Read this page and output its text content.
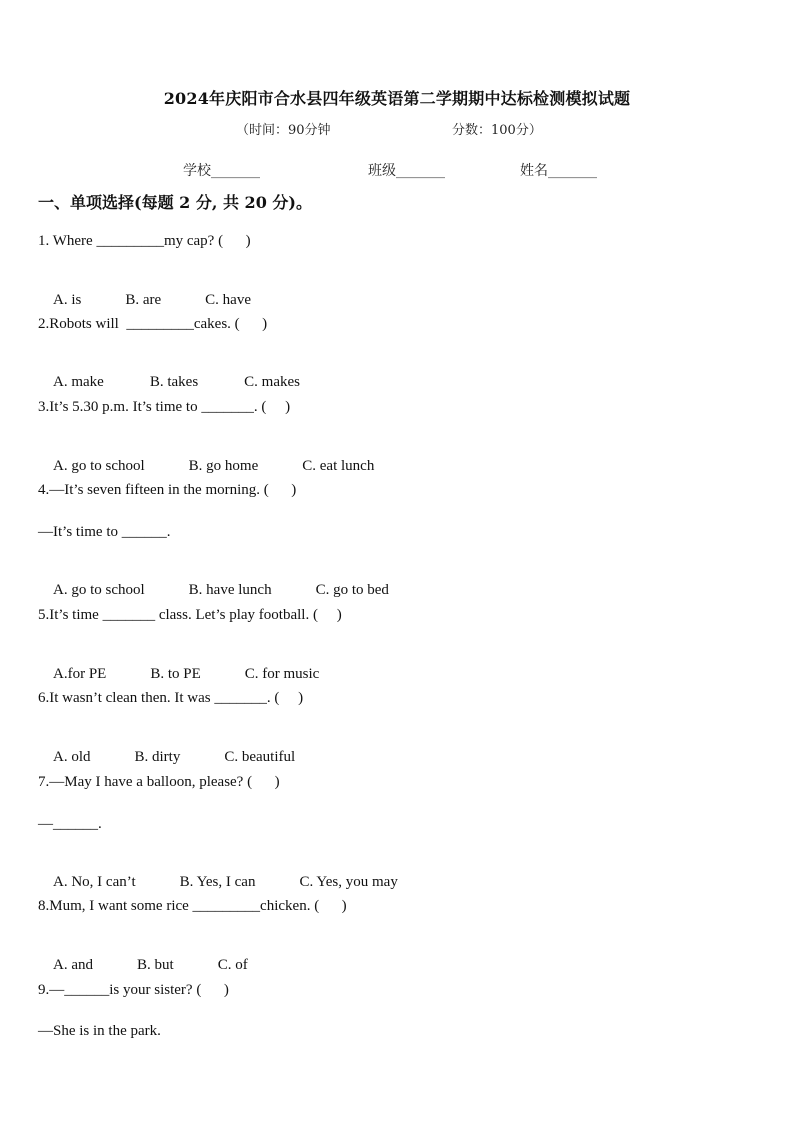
2024年庆阳市合水县四年级英语第二学期期中达标检测模拟试题
（时间：90分钟	分数：100分）
学校_______	班级_______	姓名_______
一、单项选择(每题 2 分, 共 20 分)。
1. Where _________my cap? (      )

A. is	B. are	C. have

2.Robots will  _________cakes. (      )

A. make	B. takes	C. makes

3.It’s 5.30 p.m. It’s time to _______. (     )

A. go to school	B. go home	C. eat lunch

4.—It’s seven fifteen in the morning. (      )
—It’s time to ______.

A. go to school	B. have lunch	C. go to bed

5.It’s time _______ class. Let’s play football. (     )

A.for PE	B. to PE	C. for music

6.It wasn’t clean then. It was _______. (     )

A. old	B. dirty	C. beautiful

7.—May I have a balloon, please? (      )
—______.

A. No, I can’t	B. Yes, I can	C. Yes, you may

8.Mum, I want some rice _________chicken. (      )

A. and	B. but	C. of

9.—______is your sister? (      )
—She is in the park.
